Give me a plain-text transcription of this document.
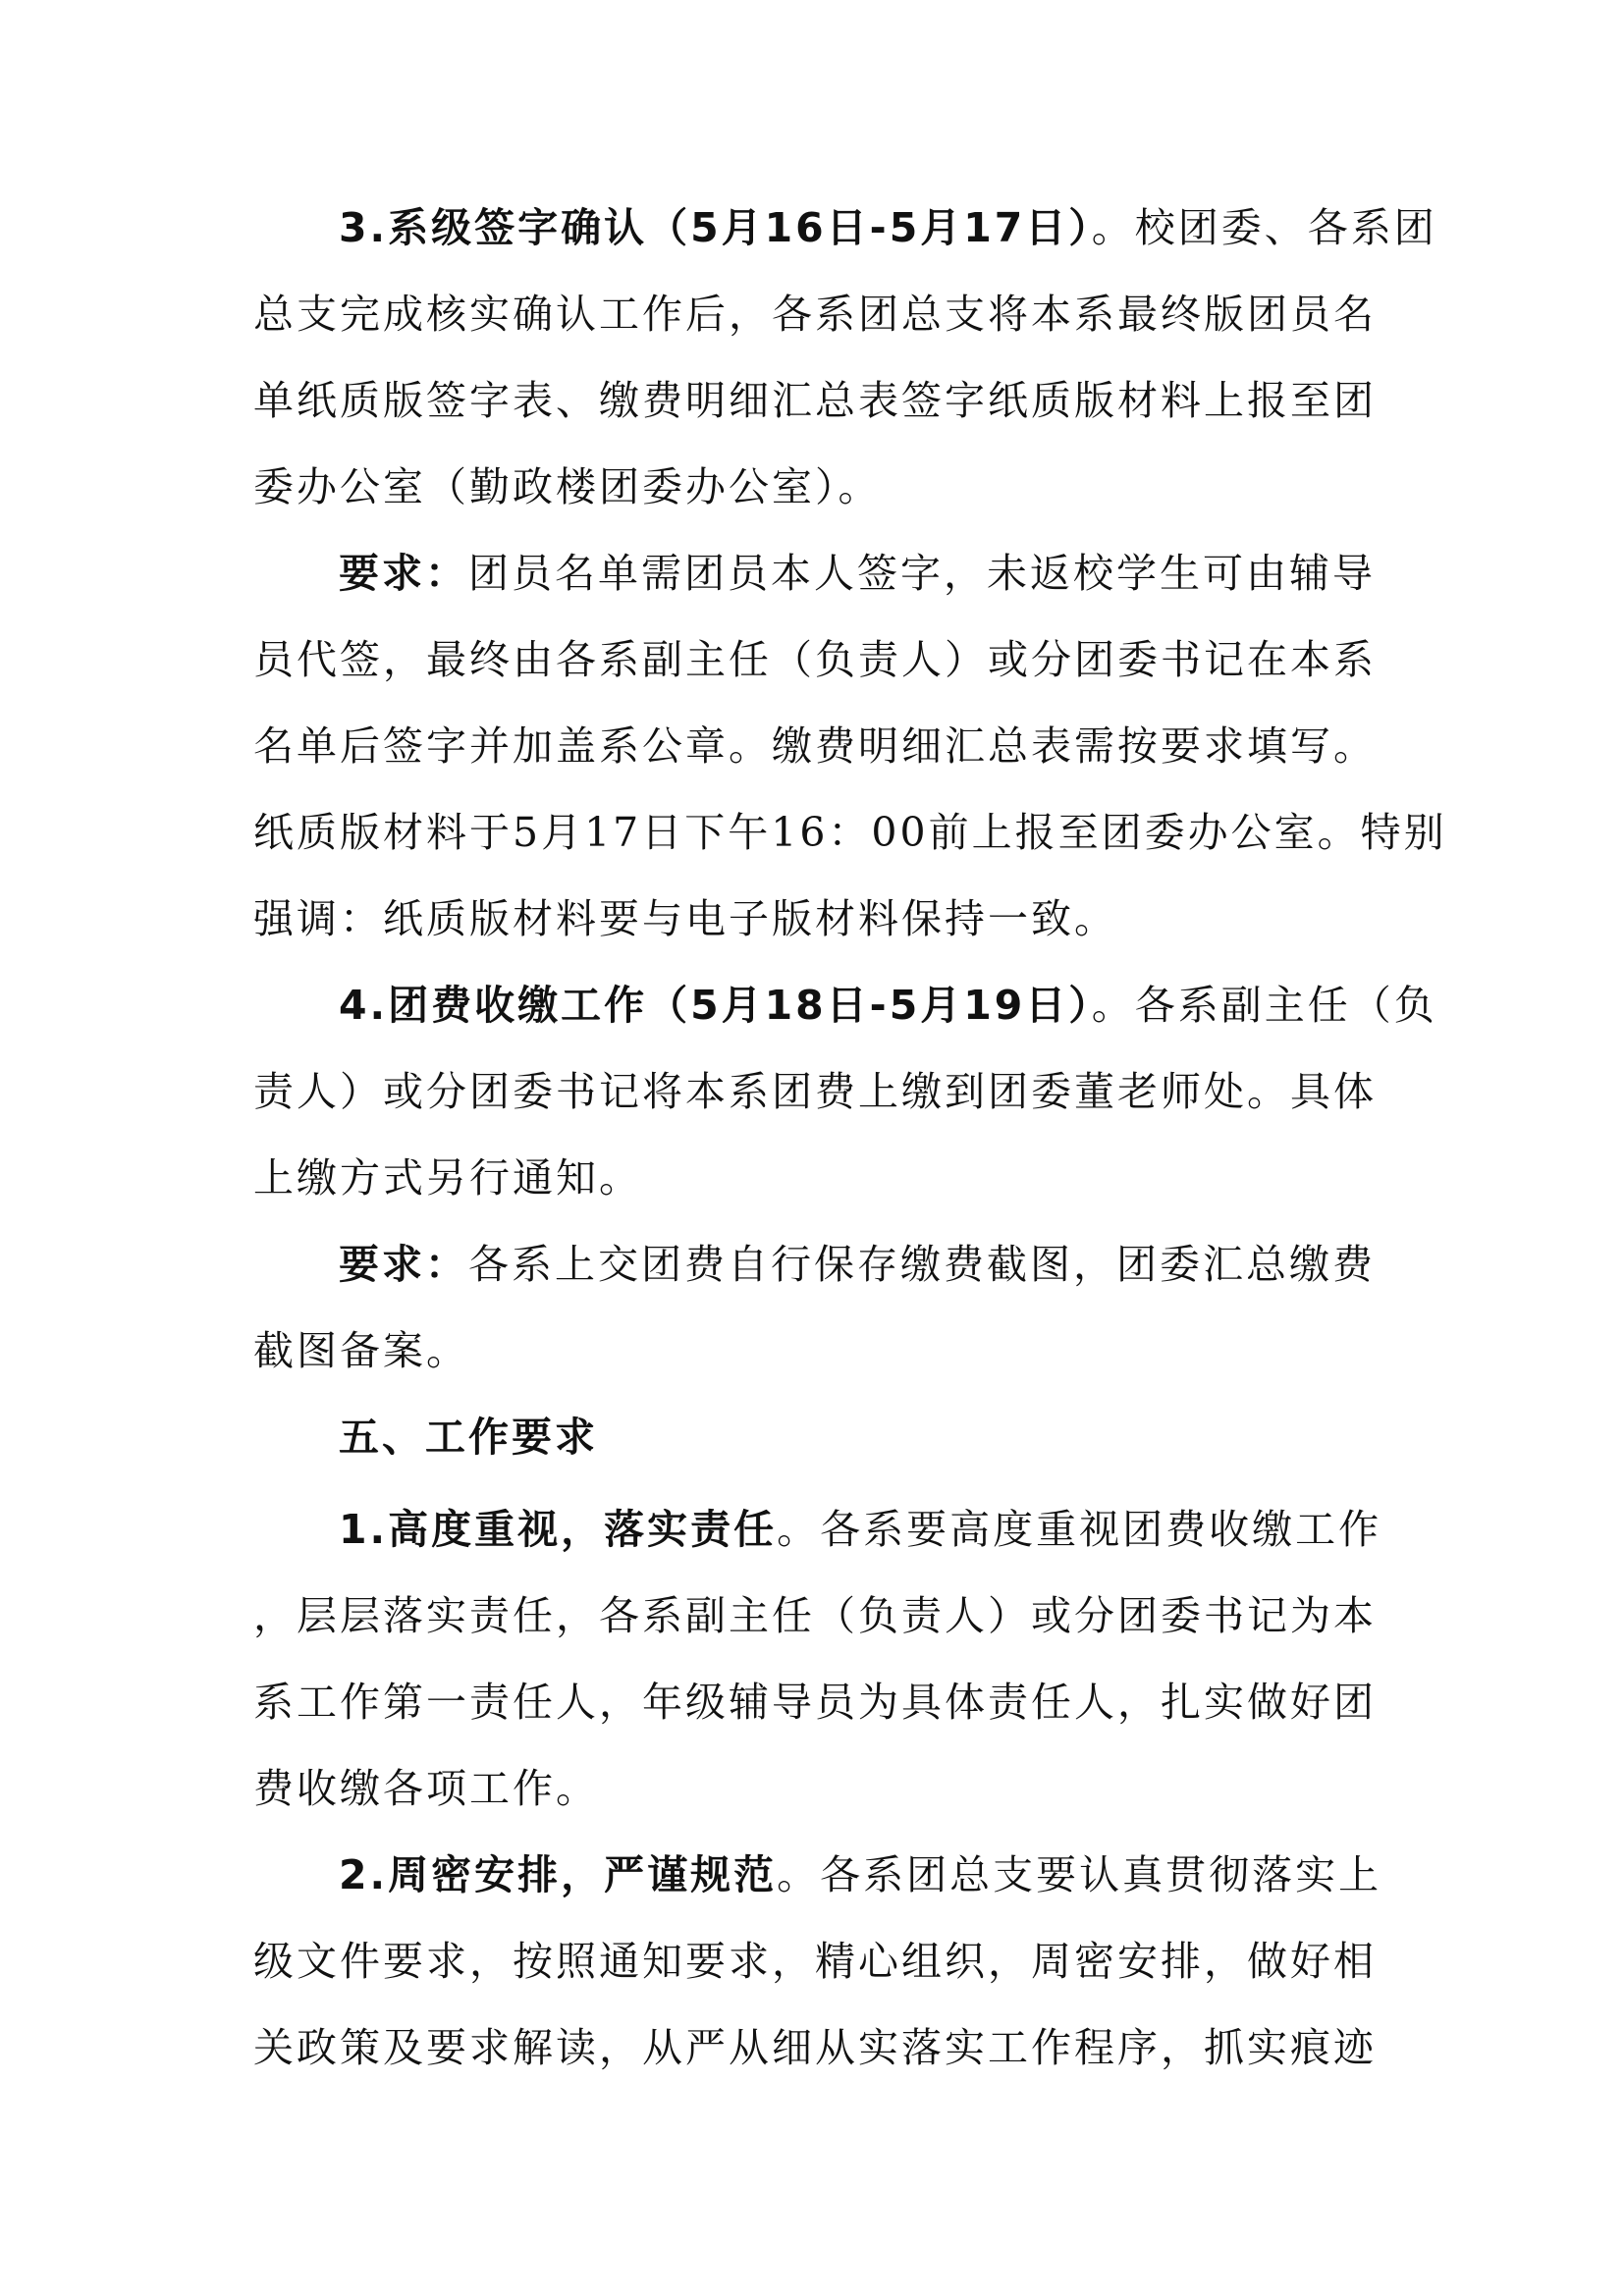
3.系级签字确认（5月16日-5月17日）。校团委、各系团
总支完成核实确认工作后，各系团总支将本系最终版团员名
单纸质版签字表、缴费明细汇总表签字纸质版材料上报至团
委办公室（勤政楼团委办公室）。
要求：团员名单需团员本人签字，未返校学生可由辅导
员代签，最终由各系副主任（负责人）或分团委书记在本系
名单后签字并加盖系公章。缴费明细汇总表需按要求填写。
纸质版材料于5月17日下午16：00前上报至团委办公室。特别
强调：纸质版材料要与电子版材料保持一致。
4.团费收缴工作（5月18日-5月19日）。各系副主任（负
责人）或分团委书记将本系团费上缴到团委董老师处。具体
上缴方式另行通知。
要求：各系上交团费自行保存缴费截图，团委汇总缴费
截图备案。
五、工作要求
1.高度重视，落实责任。各系要高度重视团费收缴工作
，层层落实责任，各系副主任（负责人）或分团委书记为本
系工作第一责任人，年级辅导员为具体责任人，扎实做好团
费收缴各项工作。
2.周密安排，严谨规范。各系团总支要认真贯彻落实上
级文件要求，按照通知要求，精心组织，周密安排，做好相
关政策及要求解读，从严从细从实落实工作程序，抓实痕迹
